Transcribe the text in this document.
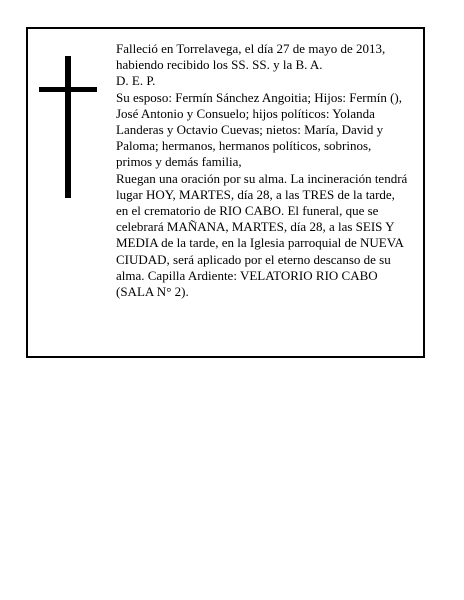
Falleció en Torrelavega, el día 27 de mayo de 2013,
habiendo recibido los SS. SS. y la B. A.
D. E. P.
Su esposo: Fermín Sánchez Angoitia; Hijos: Fermín (),
José Antonio y Consuelo; hijos políticos: Yolanda
Landeras y Octavio Cuevas; nietos: María, David y
Paloma; hermanos, hermanos políticos, sobrinos,
primos y demás familia,
Ruegan una oración por su alma. La incineración tendrá
lugar HOY, MARTES, día 28, a las TRES de la tarde,
en el crematorio de RIO CABO. El funeral, que se
celebrará MAÑANA, MARTES, día 28, a las SEIS Y
MEDIA de la tarde, en la Iglesia parroquial de NUEVA
CIUDAD, será aplicado por el eterno descanso de su
alma. Capilla Ardiente: VELATORIO RIO CABO
(SALA N° 2).
